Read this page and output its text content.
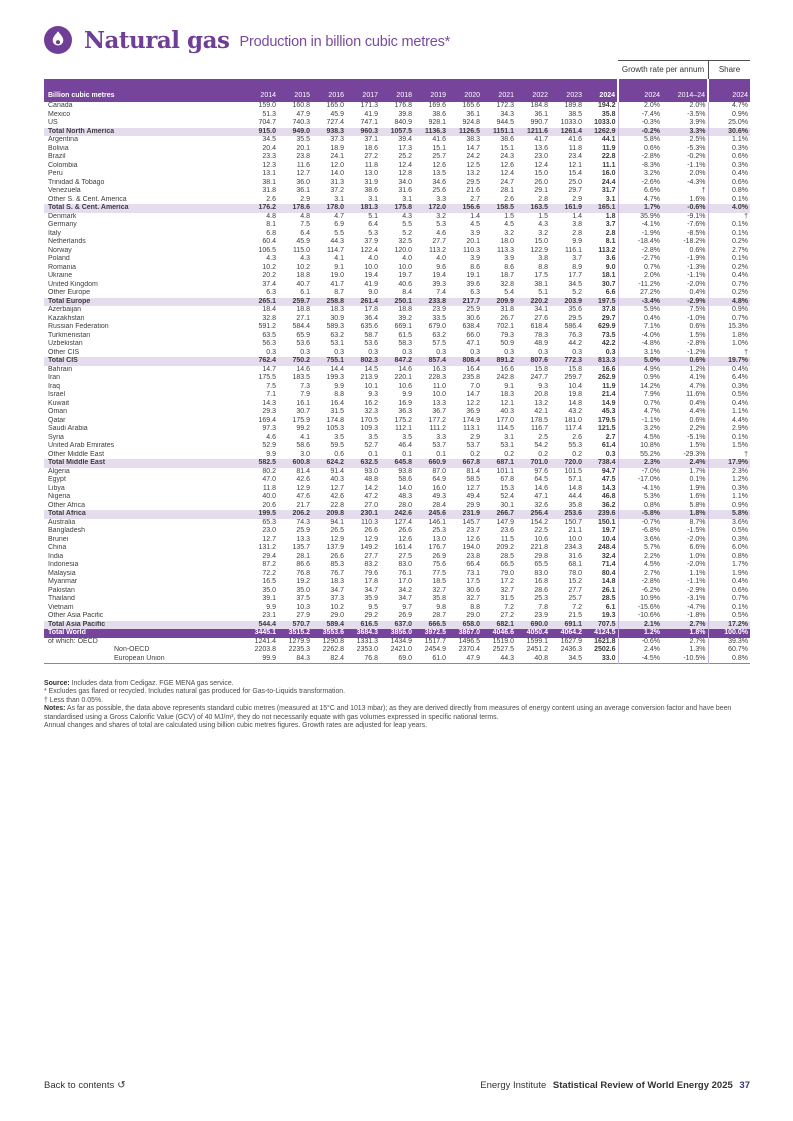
Natural gas Production in billion cubic metres*
Growth rate per annum	Share
Billion cubic metres	2014	2015	2016	2017	2018	2019	2020	2021	2022	2023	2024	2024	2014–24	2024
Canada	159.0	160.8	165.0	171.3	176.8	169.6	165.6	172.3	184.8	189.8	194.2	2.0%	2.0%	4.7%
Mexico	51.3	47.9	45.9	41.9	39.8	38.6	36.1	34.3	36.1	38.5	35.8	-7.4%	-3.5%	0.9%
US	704.7	740.3	727.4	747.1	840.9	928.1	924.8	944.5	990.7	1033.0	1033.0	-0.3%	3.9%	25.0%
Total North America	915.0	949.0	938.3	960.3	1057.5	1136.3	1126.5	1151.1	1211.6	1261.4	1262.9	-0.2%	3.3%	30.6%
Argentina	34.5	35.5	37.3	37.1	39.4	41.6	38.3	38.6	41.7	41.6	44.1	5.8%	2.5%	1.1%
Bolivia	20.4	20.1	18.9	18.6	17.3	15.1	14.7	15.1	13.6	11.8	11.9	0.6%	-5.3%	0.3%
Brazil	23.3	23.8	24.1	27.2	25.2	25.7	24.2	24.3	23.0	23.4	22.8	-2.8%	-0.2%	0.6%
Colombia	12.3	11.6	12.0	11.8	12.4	12.6	12.5	12.6	12.4	12.1	11.1	-8.3%	-1.1%	0.3%
Peru	13.1	12.7	14.0	13.0	12.8	13.5	13.2	12.4	15.0	15.4	16.0	3.2%	2.0%	0.4%
Trinidad & Tobago	38.1	36.0	31.3	31.9	34.0	34.6	29.5	24.7	26.0	25.0	24.4	-2.6%	-4.3%	0.6%
Venezuela	31.8	36.1	37.2	38.6	31.6	25.6	21.6	28.1	29.1	29.7	31.7	6.6%	†	0.8%
Other S. & Cent. America	2.6	2.9	3.1	3.1	3.1	3.3	2.7	2.6	2.8	2.9	3.1	4.7%	1.6%	0.1%
Total S. & Cent. America	176.2	178.6	178.0	181.3	175.8	172.0	156.6	158.5	163.5	161.9	165.1	1.7%	-0.6%	4.0%
Denmark	4.8	4.8	4.7	5.1	4.3	3.2	1.4	1.5	1.5	1.4	1.8	35.9%	-9.1%	†
Germany	8.1	7.5	6.9	6.4	5.5	5.3	4.5	4.5	4.3	3.8	3.7	-4.1%	-7.6%	0.1%
Italy	6.8	6.4	5.5	5.3	5.2	4.6	3.9	3.2	3.2	2.8	2.8	-1.9%	-8.5%	0.1%
Netherlands	60.4	45.9	44.3	37.9	32.5	27.7	20.1	18.0	15.0	9.9	8.1	-18.4%	-18.2%	0.2%
Norway	106.5	115.0	114.7	122.4	120.0	113.2	110.3	113.3	122.9	116.1	113.2	-2.8%	0.6%	2.7%
Poland	4.3	4.3	4.1	4.0	4.0	4.0	3.9	3.9	3.8	3.7	3.6	-2.7%	-1.9%	0.1%
Romania	10.2	10.2	9.1	10.0	10.0	9.6	8.6	8.6	8.8	8.9	9.0	0.7%	-1.3%	0.2%
Ukraine	20.2	18.8	19.0	19.4	19.7	19.4	19.1	18.7	17.5	17.7	18.1	2.0%	-1.1%	0.4%
United Kingdom	37.4	40.7	41.7	41.9	40.6	39.3	39.6	32.8	38.1	34.5	30.7	-11.2%	-2.0%	0.7%
Other Europe	6.3	6.1	8.7	9.0	8.4	7.4	6.3	5.4	5.1	5.2	6.6	27.2%	0.4%	0.2%
Total Europe	265.1	259.7	258.8	261.4	250.1	233.8	217.7	209.9	220.2	203.9	197.5	-3.4%	-2.9%	4.8%
Azerbaijan	18.4	18.8	18.3	17.8	18.8	23.9	25.9	31.8	34.1	35.6	37.8	5.9%	7.5%	0.9%
Kazakhstan	32.8	27.1	30.9	36.4	39.2	33.5	30.6	26.7	27.6	29.5	29.7	0.4%	-1.0%	0.7%
Russian Federation	591.2	584.4	589.3	635.6	669.1	679.0	638.4	702.1	618.4	586.4	629.9	7.1%	0.6%	15.3%
Turkmenistan	63.5	65.9	63.2	58.7	61.5	63.2	66.0	79.3	78.3	76.3	73.5	-4.0%	1.5%	1.8%
Uzbekistan	56.3	53.6	53.1	53.6	58.3	57.5	47.1	50.9	48.9	44.2	42.2	-4.8%	-2.8%	1.0%
Other CIS	0.3	0.3	0.3	0.3	0.3	0.3	0.3	0.3	0.3	0.3	0.3	3.1%	-1.2%	†
Total CIS	762.4	750.2	755.1	802.3	847.2	857.4	808.4	891.2	807.6	772.3	813.3	5.0%	0.6%	19.7%
Bahrain	14.7	14.6	14.4	14.5	14.6	16.3	16.4	16.6	15.8	15.8	16.6	4.9%	1.2%	0.4%
Iran	175.5	183.5	199.3	213.9	220.1	228.3	235.8	242.8	247.7	259.7	262.9	0.9%	4.1%	6.4%
Iraq	7.5	7.3	9.9	10.1	10.6	11.0	7.0	9.1	9.3	10.4	11.9	14.2%	4.7%	0.3%
Israel	7.1	7.9	8.8	9.3	9.9	10.0	14.7	18.3	20.8	19.8	21.4	7.9%	11.6%	0.5%
Kuwait	14.3	16.1	16.4	16.2	16.9	13.3	12.2	12.1	13.2	14.8	14.9	0.7%	0.4%	0.4%
Oman	29.3	30.7	31.5	32.3	36.3	36.7	36.9	40.3	42.1	43.2	45.3	4.7%	4.4%	1.1%
Qatar	169.4	175.9	174.8	170.5	175.2	177.2	174.9	177.0	178.5	181.0	179.5	-1.1%	0.6%	4.4%
Saudi Arabia	97.3	99.2	105.3	109.3	112.1	111.2	113.1	114.5	116.7	117.4	121.5	3.2%	2.2%	2.9%
Syria	4.6	4.1	3.5	3.5	3.5	3.3	2.9	3.1	2.5	2.6	2.7	4.5%	-5.1%	0.1%
United Arab Emirates	52.9	58.6	59.5	52.7	46.4	53.7	53.7	53.1	54.2	55.3	61.4	10.8%	1.5%	1.5%
Other Middle East	9.9	3.0	0.6	0.1	0.1	0.1	0.2	0.2	0.2	0.2	0.3	55.2%	-29.3%	†
Total Middle East	582.5	600.8	624.2	632.5	645.8	660.9	667.8	687.1	701.0	720.0	738.4	2.3%	2.4%	17.9%
Algeria	80.2	81.4	91.4	93.0	93.8	87.0	81.4	101.1	97.6	101.5	94.7	-7.0%	1.7%	2.3%
Egypt	47.0	42.6	40.3	48.8	58.6	64.9	58.5	67.8	64.5	57.1	47.5	-17.0%	0.1%	1.2%
Libya	11.8	12.9	12.7	14.2	14.0	16.0	12.7	15.3	14.6	14.8	14.3	-4.1%	1.9%	0.3%
Nigeria	40.0	47.6	42.6	47.2	48.3	49.3	49.4	52.4	47.1	44.4	46.8	5.3%	1.6%	1.1%
Other Africa	20.6	21.7	22.8	27.0	28.0	28.4	29.9	30.1	32.6	35.8	36.2	0.8%	5.8%	0.9%
Total Africa	199.5	206.2	209.8	230.1	242.6	245.6	231.9	266.7	256.4	253.6	239.6	-5.8%	1.8%	5.8%
Australia	65.3	74.3	94.1	110.3	127.4	146.1	145.7	147.9	154.2	150.7	150.1	-0.7%	8.7%	3.6%
Bangladesh	23.0	25.9	26.5	26.6	26.6	25.3	23.7	23.6	22.5	21.1	19.7	-6.8%	-1.5%	0.5%
Brunei	12.7	13.3	12.9	12.9	12.6	13.0	12.6	11.5	10.6	10.0	10.4	3.6%	-2.0%	0.3%
China	131.2	135.7	137.9	149.2	161.4	176.7	194.0	209.2	221.8	234.3	248.4	5.7%	6.6%	6.0%
India	29.4	28.1	26.6	27.7	27.5	26.9	23.8	28.5	29.8	31.6	32.4	2.2%	1.0%	0.8%
Indonesia	87.2	86.6	85.3	83.2	83.0	75.6	66.4	66.5	65.5	68.1	71.4	4.5%	-2.0%	1.7%
Malaysia	72.2	76.8	76.7	79.6	76.1	77.5	73.1	79.0	83.0	78.0	80.4	2.7%	1.1%	1.9%
Myanmar	16.5	19.2	18.3	17.8	17.0	18.5	17.5	17.2	16.8	15.2	14.8	-2.8%	-1.1%	0.4%
Pakistan	35.0	35.0	34.7	34.7	34.2	32.7	30.6	32.7	28.6	27.7	26.1	-6.2%	-2.9%	0.6%
Thailand	39.1	37.5	37.3	35.9	34.7	35.8	32.7	31.5	25.3	25.7	28.5	10.9%	-3.1%	0.7%
Vietnam	9.9	10.3	10.2	9.5	9.7	9.8	8.8	7.2	7.8	7.2	6.1	-15.6%	-4.7%	0.1%
Other Asia Pacific	23.1	27.9	29.0	29.2	26.9	28.7	29.0	27.2	23.9	21.5	19.3	-10.6%	-1.8%	0.5%
Total Asia Pacific	544.4	570.7	589.4	616.5	637.0	666.5	658.0	682.1	690.0	691.1	707.5	2.1%	2.7%	17.2%
Total World	3445.1	3515.2	3553.6	3684.3	3856.0	3972.5	3867.0	4046.6	4050.4	4064.2	4124.5	1.2%	1.8%	100.0%
of which: OECD	1241.4	1279.9	1290.8	1331.3	1434.9	1517.7	1496.5	1519.0	1599.1	1627.9	1621.8	-0.6%	2.7%	39.3%
Non-OECD	2203.8	2235.3	2262.8	2353.0	2421.0	2454.9	2370.4	2527.5	2451.2	2436.3	2502.6	2.4%	1.3%	60.7%
European Union	99.9	84.3	82.4	76.8	69.0	61.0	47.9	44.3	40.8	34.5	33.0	-4.5%	-10.5%	0.8%
Source: Includes data from Cedigaz. FGE MENA gas service.
* Excludes gas flared or recycled. Includes natural gas produced for Gas-to-Liquids transformation.
† Less than 0.05%.
Notes: As far as possible, the data above represents standard cubic metres (measured at 15°C and 1013 mbar); as they are derived directly from measures of energy content using an average conversion factor and have been standardised using a Gross Calorific Value (GCV) of 40 MJ/m³, they do not necessarily equate with gas volumes expressed in specific national terms.
Annual changes and shares of total are calculated using billion cubic metres figures. Growth rates are adjusted for leap years.
Back to contents ↺	Energy Institute Statistical Review of World Energy 2025 37
